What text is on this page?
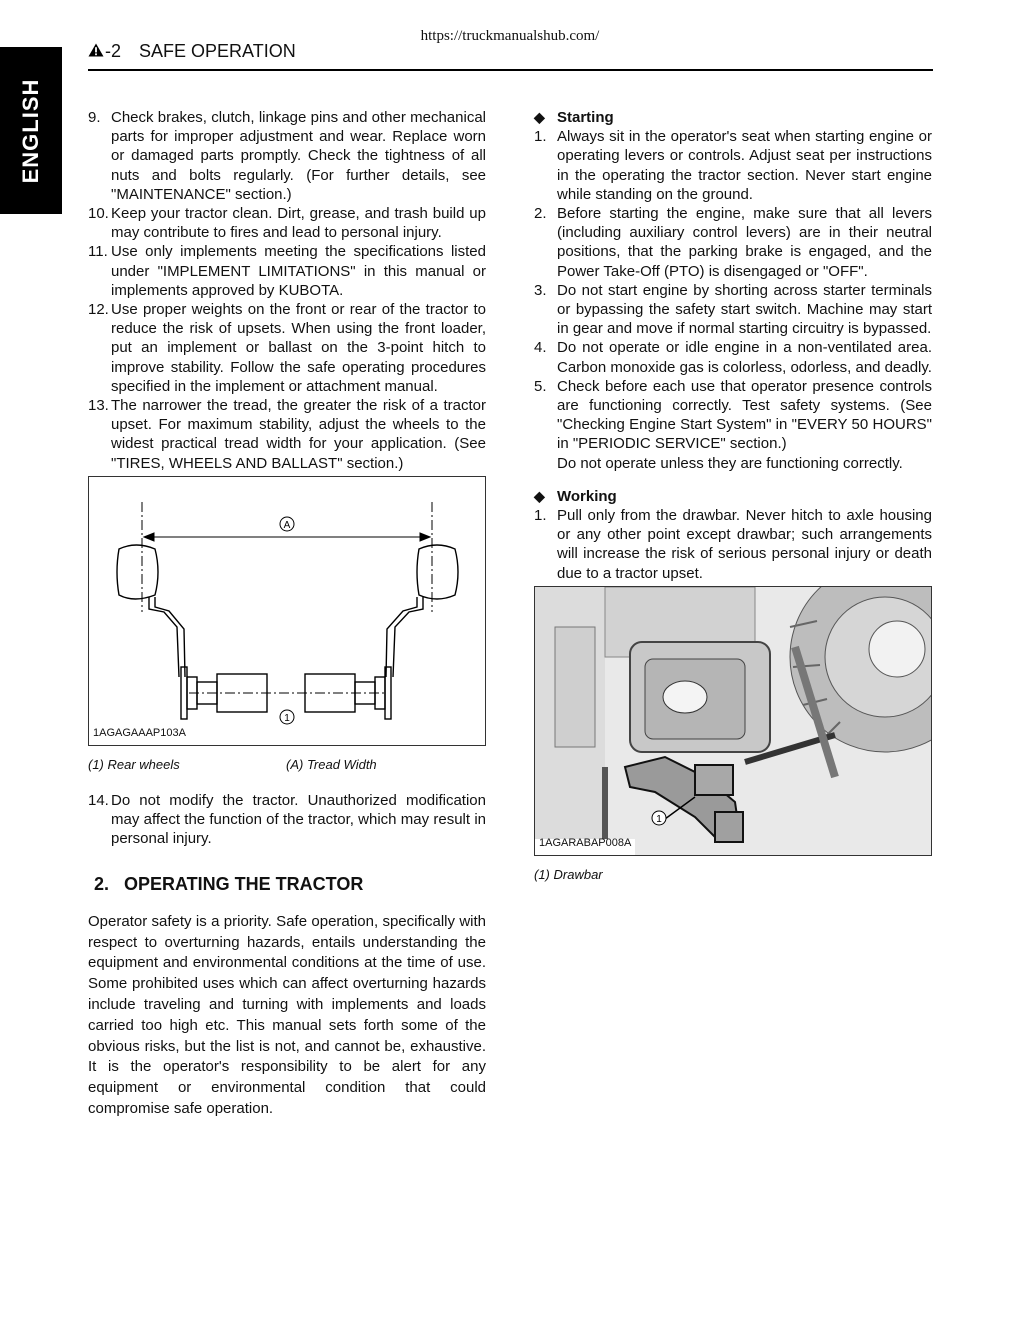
https://truckmanualshub.com/
ENGLISH
-2 SAFE OPERATION
9. Check brakes, clutch, linkage pins and other mechanical parts for improper adjustment and wear. Replace worn or damaged parts promptly. Check the tightness of all nuts and bolts regularly. (For further details, see "MAINTENANCE" section.)
10. Keep your tractor clean. Dirt, grease, and trash build up may contribute to fires and lead to personal injury.
11. Use only implements meeting the specifications listed under "IMPLEMENT LIMITATIONS" in this manual or implements approved by KUBOTA.
12. Use proper weights on the front or rear of the tractor to reduce the risk of upsets. When using the front loader, put an implement or ballast on the 3-point hitch to improve stability. Follow the safe operating procedures specified in the implement or attachment manual.
13. The narrower the tread, the greater the risk of a tractor upset. For maximum stability, adjust the wheels to the widest practical tread width for your application. (See "TIRES, WHEELS AND BALLAST" section.)
A
1
1AGAGAAAP103A
(1) Rear wheels	(A) Tread Width
14. Do not modify the tractor. Unauthorized modification may affect the function of the tractor, which may result in personal injury.
2. OPERATING THE TRACTOR
Operator safety is a priority. Safe operation, specifically with respect to overturning hazards, entails understanding the equipment and environmental conditions at the time of use. Some prohibited uses which can affect overturning hazards include traveling and turning with implements and loads carried too high etc. This manual sets forth some of the obvious risks, but the list is not, and cannot be, exhaustive. It is the operator's responsibility to be alert for any equipment or environmental condition that could compromise safe operation.
◆ Starting
1. Always sit in the operator's seat when starting engine or operating levers or controls. Adjust seat per instructions in the operating the tractor section. Never start engine while standing on the ground.
2. Before starting the engine, make sure that all levers (including auxiliary control levers) are in their neutral positions, that the parking brake is engaged, and the Power Take-Off (PTO) is disengaged or "OFF".
3. Do not start engine by shorting across starter terminals or bypassing the safety start switch. Machine may start in gear and move if normal starting circuitry is bypassed.
4. Do not operate or idle engine in a non-ventilated area. Carbon monoxide gas is colorless, odorless, and deadly.
5. Check before each use that operator presence controls are functioning correctly. Test safety systems. (See "Checking Engine Start System" in "EVERY 50 HOURS" in "PERIODIC SERVICE" section.)
Do not operate unless they are functioning correctly.
◆ Working
1. Pull only from the drawbar. Never hitch to axle housing or any other point except drawbar; such arrangements will increase the risk of serious personal injury or death due to a tractor upset.
1
1AGARABAP008A
(1) Drawbar
